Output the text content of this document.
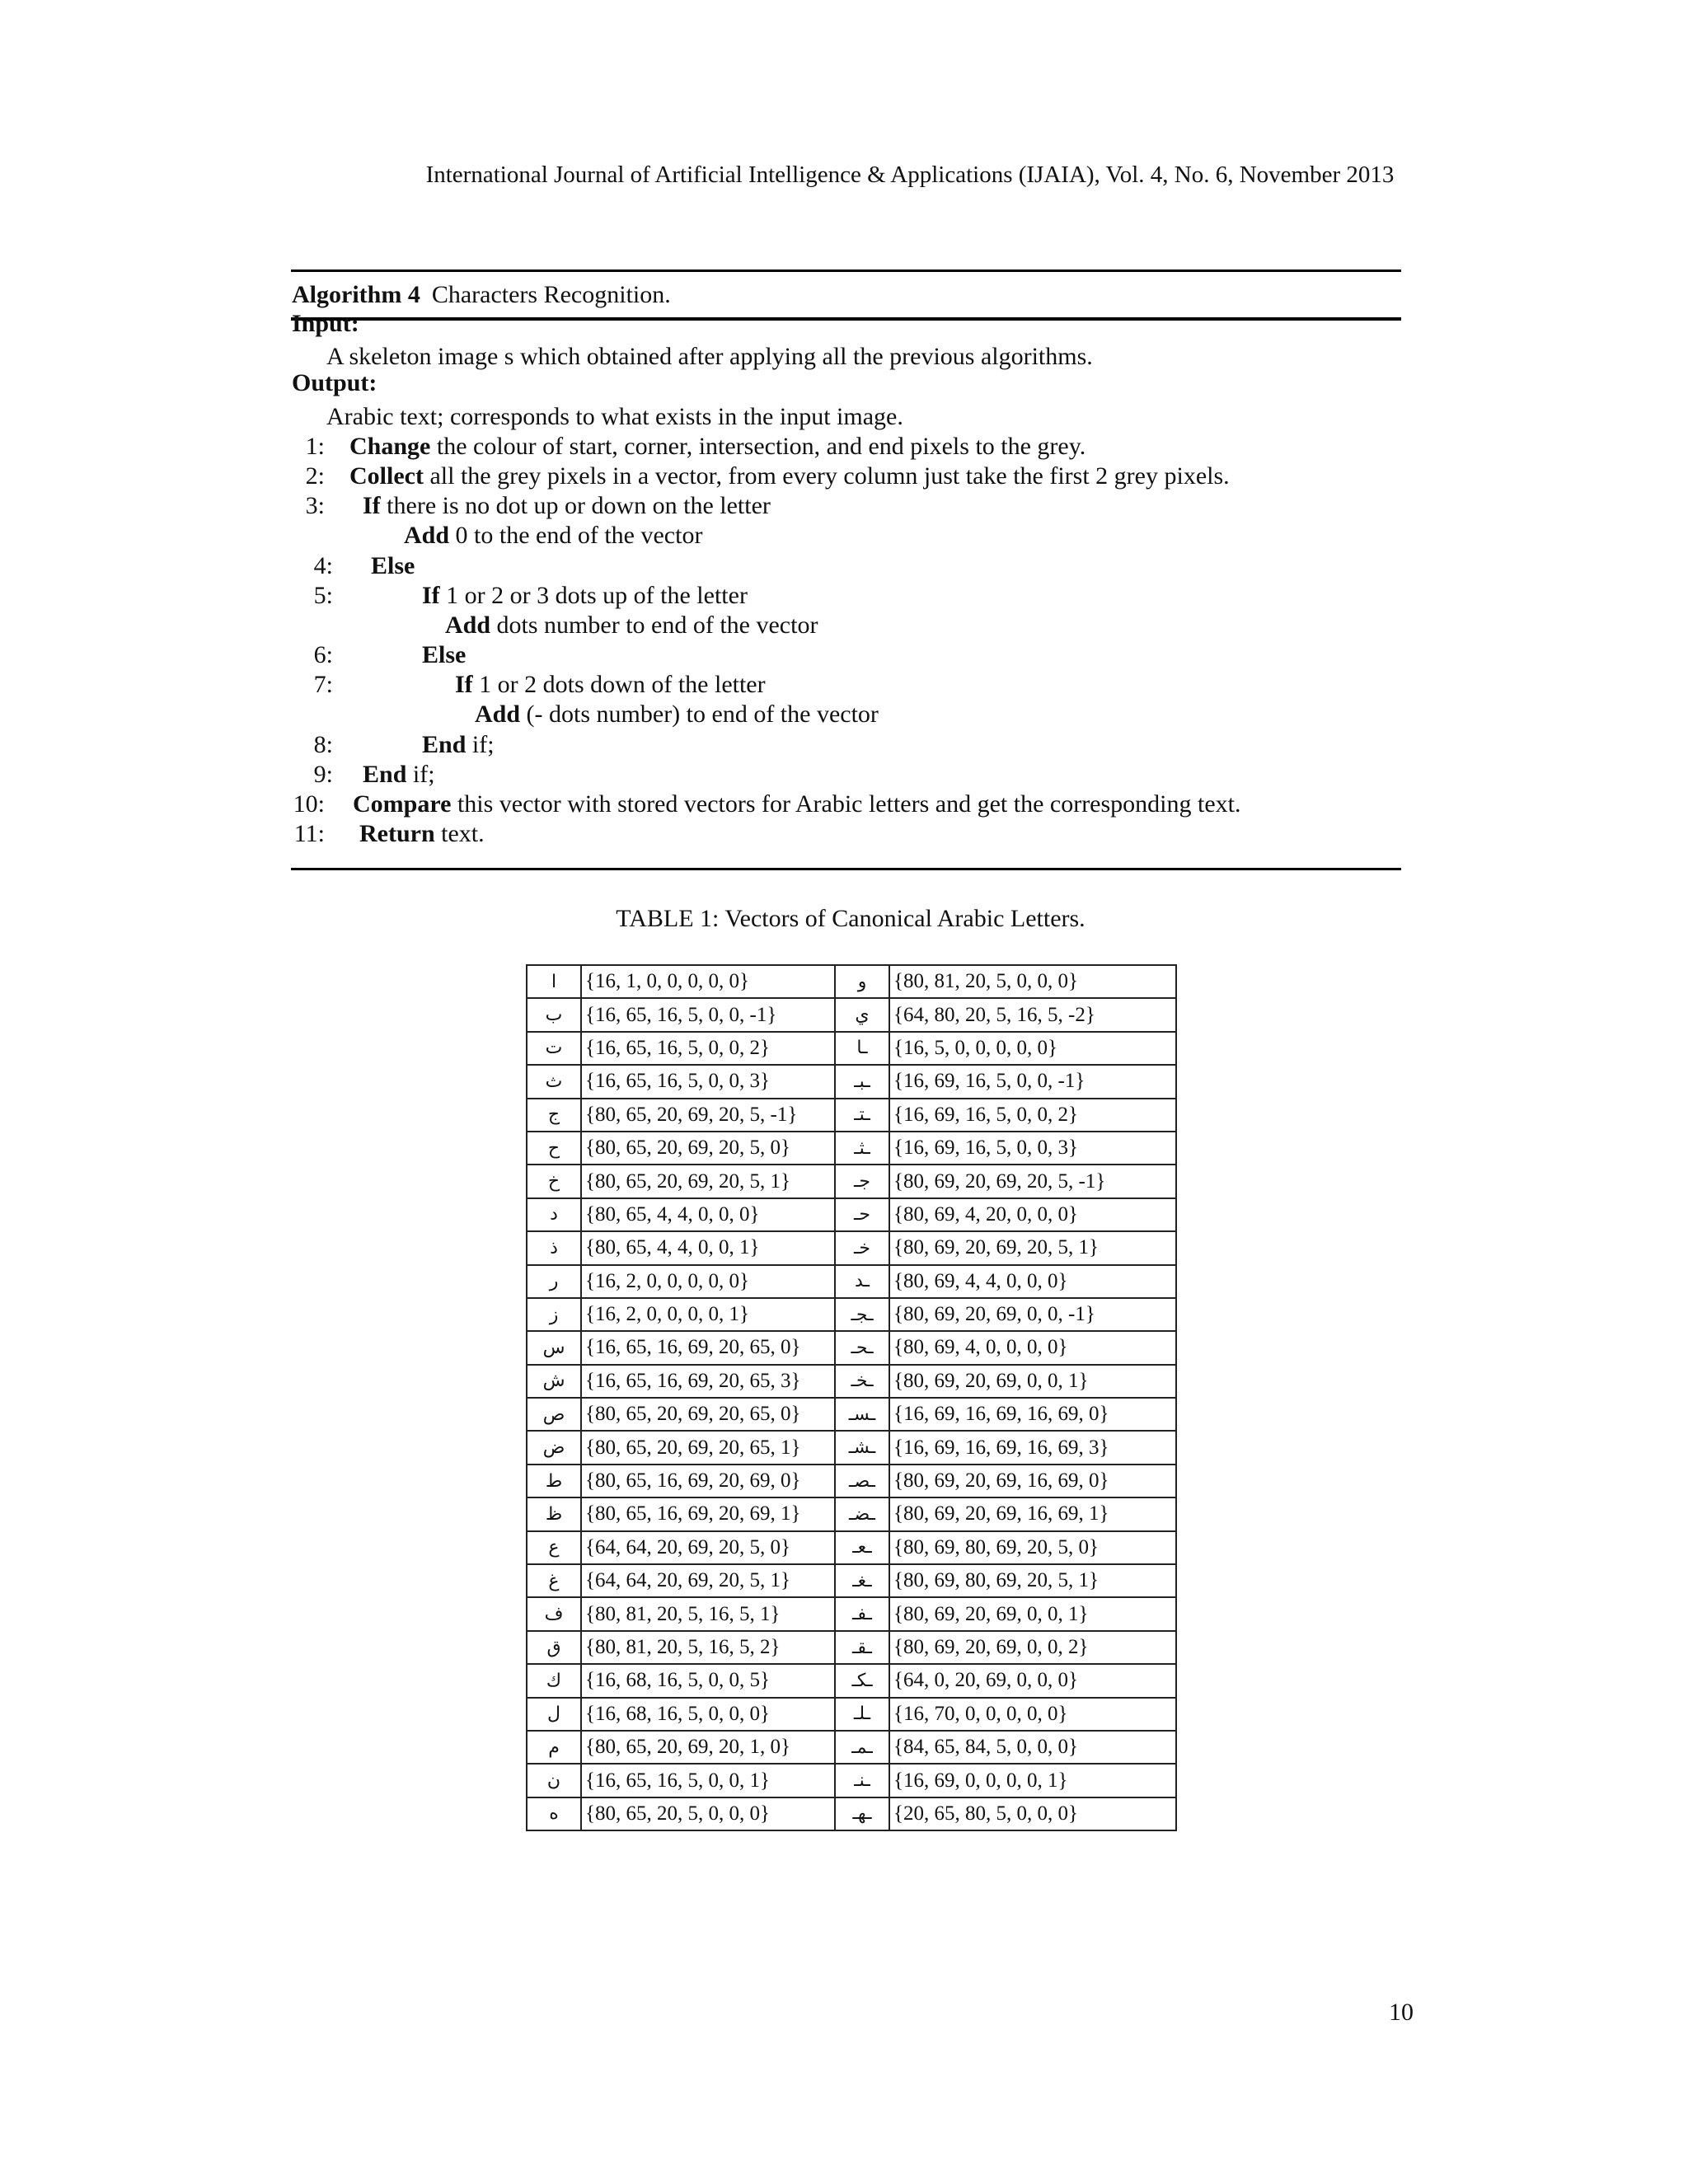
International Journal of Artificial Intelligence & Applications (IJAIA), Vol. 4, No. 6, November 2013
Algorithm 4 Characters Recognition.
Input:
A skeleton image s which obtained after applying all the previous algorithms.
Output:
Arabic text; corresponds to what exists in the input image.
1: Change the colour of start, corner, intersection, and end pixels to the grey.
2: Collect all the grey pixels in a vector, from every column just take the first 2 grey pixels.
3: If there is no dot up or down on the letter
Add 0 to the end of the vector
4: Else
5:	If 1 or 2 or 3 dots up of the letter
Add dots number to end of the vector
6:	Else
7:	If 1 or 2 dots down of the letter
Add (- dots number) to end of the vector
8:	End if;
9: End if;
10: Compare this vector with stored vectors for Arabic letters and get the corresponding text.
11: Return text.
TABLE 1: Vectors of Canonical Arabic Letters.
ا	{16, 1, 0, 0, 0, 0, 0}	و	{80, 81, 20, 5, 0, 0, 0}
ب	{16, 65, 16, 5, 0, 0, -1}	ي	{64, 80, 20, 5, 16, 5, -2}
ت	{16, 65, 16, 5, 0, 0, 2}	ـا	{16, 5, 0, 0, 0, 0, 0}
ث	{16, 65, 16, 5, 0, 0, 3}	ـبـ	{16, 69, 16, 5, 0, 0, -1}
ج	{80, 65, 20, 69, 20, 5, -1}	ـتـ	{16, 69, 16, 5, 0, 0, 2}
ح	{80, 65, 20, 69, 20, 5, 0}	ـثـ	{16, 69, 16, 5, 0, 0, 3}
خ	{80, 65, 20, 69, 20, 5, 1}	جـ	{80, 69, 20, 69, 20, 5, -1}
د	{80, 65, 4, 4, 0, 0, 0}	حـ	{80, 69, 4, 20, 0, 0, 0}
ذ	{80, 65, 4, 4, 0, 0, 1}	خـ	{80, 69, 20, 69, 20, 5, 1}
ر	{16, 2, 0, 0, 0, 0, 0}	ـد	{80, 69, 4, 4, 0, 0, 0}
ز	{16, 2, 0, 0, 0, 0, 1}	ـجـ	{80, 69, 20, 69, 0, 0, -1}
س	{16, 65, 16, 69, 20, 65, 0}	ـحـ	{80, 69, 4, 0, 0, 0, 0}
ش	{16, 65, 16, 69, 20, 65, 3}	ـخـ	{80, 69, 20, 69, 0, 0, 1}
ص	{80, 65, 20, 69, 20, 65, 0}	ـسـ	{16, 69, 16, 69, 16, 69, 0}
ض	{80, 65, 20, 69, 20, 65, 1}	ـشـ	{16, 69, 16, 69, 16, 69, 3}
ط	{80, 65, 16, 69, 20, 69, 0}	ـصـ	{80, 69, 20, 69, 16, 69, 0}
ظ	{80, 65, 16, 69, 20, 69, 1}	ـضـ	{80, 69, 20, 69, 16, 69, 1}
ع	{64, 64, 20, 69, 20, 5, 0}	ـعـ	{80, 69, 80, 69, 20, 5, 0}
غ	{64, 64, 20, 69, 20, 5, 1}	ـغـ	{80, 69, 80, 69, 20, 5, 1}
ف	{80, 81, 20, 5, 16, 5, 1}	ـفـ	{80, 69, 20, 69, 0, 0, 1}
ق	{80, 81, 20, 5, 16, 5, 2}	ـقـ	{80, 69, 20, 69, 0, 0, 2}
ك	{16, 68, 16, 5, 0, 0, 5}	ـكـ	{64, 0, 20, 69, 0, 0, 0}
ل	{16, 68, 16, 5, 0, 0, 0}	ـلـ	{16, 70, 0, 0, 0, 0, 0}
م	{80, 65, 20, 69, 20, 1, 0}	ـمـ	{84, 65, 84, 5, 0, 0, 0}
ن	{16, 65, 16, 5, 0, 0, 1}	ـنـ	{16, 69, 0, 0, 0, 0, 1}
ه	{80, 65, 20, 5, 0, 0, 0}	ـهـ	{20, 65, 80, 5, 0, 0, 0}
10
